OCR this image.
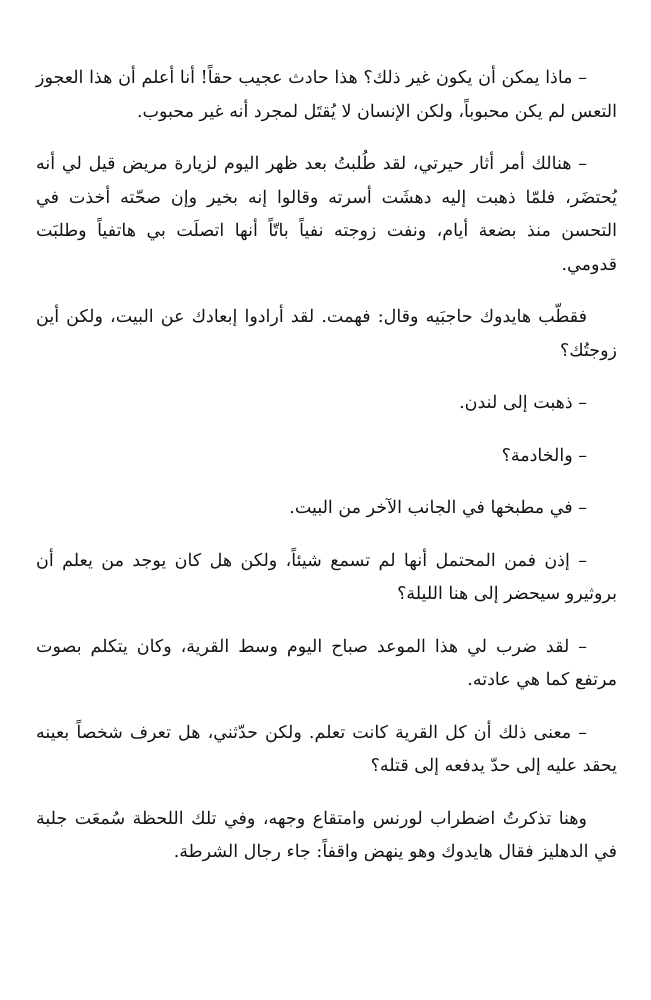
– ماذا يمكن أن يكون غير ذلك؟ هذا حادث عجيب حقاً! أنا أعلم أن هذا العجوز التعس لم يكن محبوباً، ولكن الإنسان لا يُقتَل لمجرد أنه غير محبوب.

– هنالك أمر أثار حيرتي، لقد طُلبتُ بعد ظهر اليوم لزيارة مريض قيل لي أنه يُحتضَر، فلمّا ذهبت إليه دهشَت أسرته وقالوا إنه بخير وإن صحّته أخذت في التحسن منذ بضعة أيام، ونفت زوجته نفياً باتّاً أنها اتصلَت بي هاتفياً وطلبَت قدومي.

فقطّب هايدوك حاجبَيه وقال: فهمت. لقد أرادوا إبعادك عن البيت، ولكن أين زوجتُك؟

– ذهبت إلى لندن.

– والخادمة؟

– في مطبخها في الجانب الآخر من البيت.

– إذن فمن المحتمل أنها لم تسمع شيئاً، ولكن هل كان يوجد من يعلم أن بروثيرو سيحضر إلى هنا الليلة؟

– لقد ضرب لي هذا الموعد صباح اليوم وسط القرية، وكان يتكلم بصوت مرتفع كما هي عادته.

– معنى ذلك أن كل القرية كانت تعلم. ولكن حدّثني، هل تعرف شخصاً بعينه يحقد عليه إلى حدّ يدفعه إلى قتله؟

وهنا تذكرتُ اضطراب لورنس وامتقاع وجهه، وفي تلك اللحظة سُمعَت جلبة في الدهليز فقال هايدوك وهو ينهض واقفاً: جاء رجال الشرطة.
